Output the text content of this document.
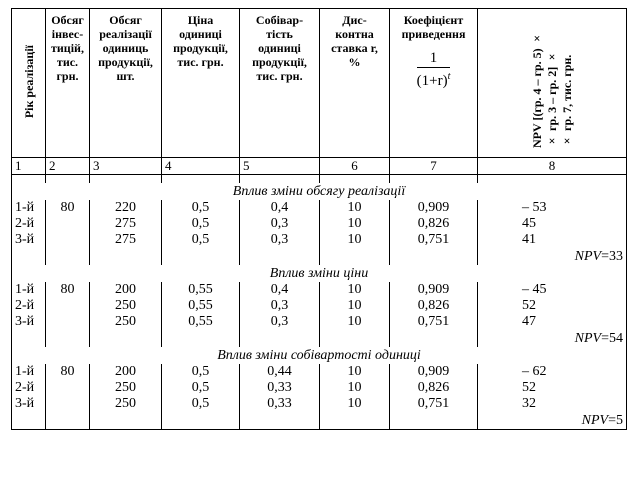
Рік реалізації	Обсяг
інвес-
тицій,
тис.
грн.	Обсяг
реалізації
одиниць
продукції,
шт.	Ціна
одиниці
продукції,
тис. грн.	Собівар-
тість
одиниці
продукції,
тис. грн.	Дис-
контна
ставка r,
%	Коефіцієнт
приведення

$\frac{1}{(1+r)^t}$	NPV [(гр. 4 – гр. 5) ×
× гр. 3 – гр. 2] ×
× гр. 7, тис. грн.
1	2	3	4	5	6	7	8

Вплив зміни обсягу реалізації							
1-й	80	220	0,5	0,4	10	0,909	– 53
2-й		275	0,5	0,3	10	0,826	45
3-й		275	0,5	0,3	10	0,751	41
							NPV=33
Вплив зміни ціни							
1-й	80	200	0,55	0,4	10	0,909	– 45
2-й		250	0,55	0,3	10	0,826	52
3-й		250	0,55	0,3	10	0,751	47
							NPV=54
Вплив зміни собівартості одиниці							
1-й	80	200	0,5	0,44	10	0,909	– 62
2-й		250	0,5	0,33	10	0,826	52
3-й		250	0,5	0,33	10	0,751	32
							NPV=5
